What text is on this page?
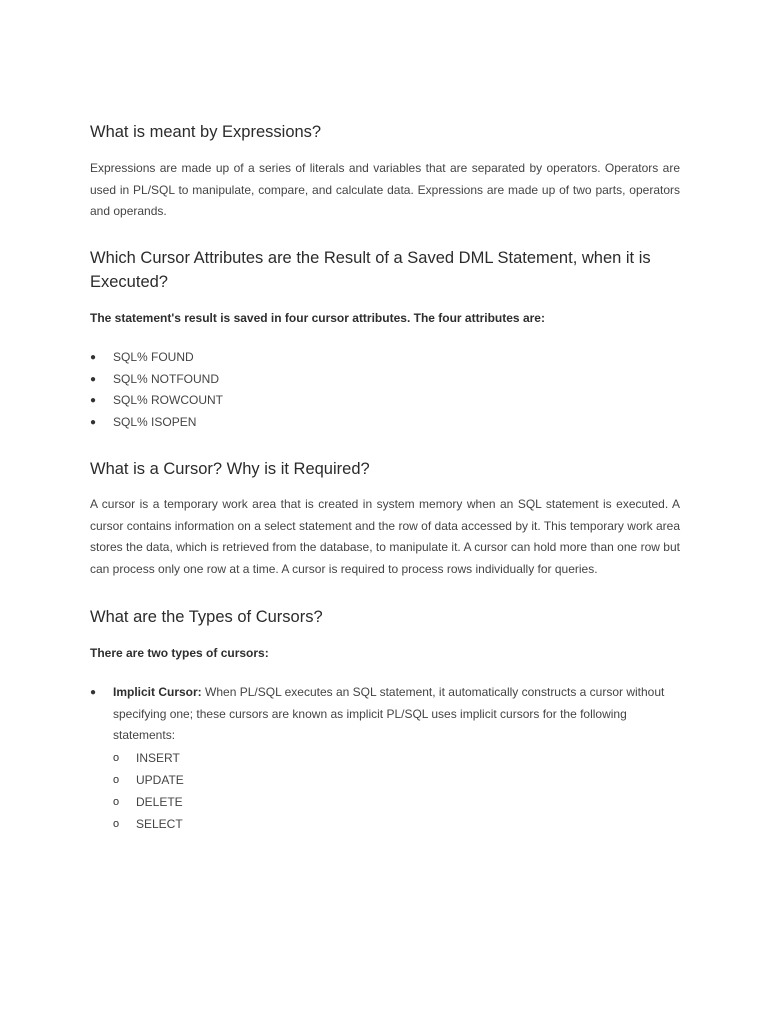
What is meant by Expressions?

Expressions are made up of a series of literals and variables that are separated by operators. Operators are used in PL/SQL to manipulate, compare, and calculate data. Expressions are made up of two parts, operators and operands.

Which Cursor Attributes are the Result of a Saved DML Statement, when it is Executed?

The statement's result is saved in four cursor attributes. The four attributes are:

● SQL% FOUND
● SQL% NOTFOUND
● SQL% ROWCOUNT
● SQL% ISOPEN
What is a Cursor? Why is it Required?

A cursor is a temporary work area that is created in system memory when an SQL statement is executed. A cursor contains information on a select statement and the row of data accessed by it. This temporary work area stores the data, which is retrieved from the database, to manipulate it. A cursor can hold more than one row but can process only one row at a time. A cursor is required to process rows individually for queries.

What are the Types of Cursors?

There are two types of cursors:

● Implicit Cursor: When PL/SQL executes an SQL statement, it automatically constructs a cursor without specifying one; these cursors are known as implicit PL/SQL uses implicit cursors for the following statements:
o INSERT
o UPDATE
o DELETE
o SELECT
